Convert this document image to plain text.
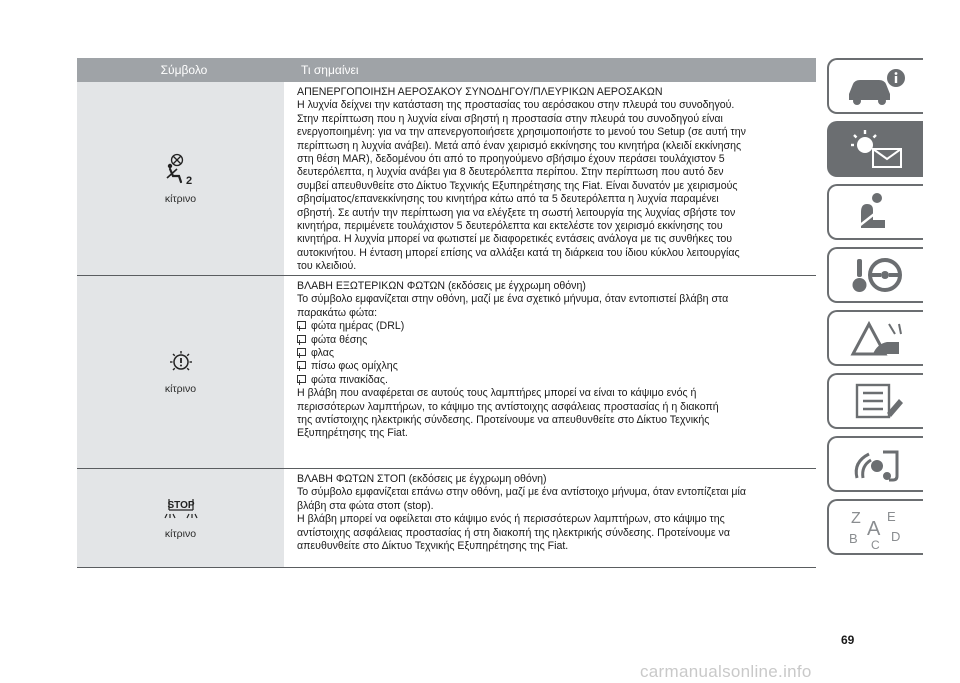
Σύμβολο	Τι σημαίνει
2
κίτρινο
ΑΠΕΝΕΡΓΟΠΟΙΗΣΗ ΑΕΡΟΣΑΚΟΥ ΣΥΝΟΔΗΓΟΥ/ΠΛΕΥΡΙΚΩΝ ΑΕΡΟΣΑΚΩΝ
Η λυχνία δείχνει την κατάσταση της προστασίας του αερόσακου στην πλευρά του συνοδηγού.
Στην περίπτωση που η λυχνία είναι σβηστή η προστασία στην πλευρά του συνοδηγού είναι
ενεργοποιημένη: για να την απενεργοποιήσετε χρησιμοποιήστε το μενού του Setup (σε αυτή την
περίπτωση η λυχνία ανάβει). Μετά από έναν χειρισμό εκκίνησης του κινητήρα (κλειδί εκκίνησης
στη θέση MAR), δεδομένου ότι από το προηγούμενο σβήσιμο έχουν περάσει τουλάχιστον 5
δευτερόλεπτα, η λυχνία ανάβει για 8 δευτερόλεπτα περίπου. Στην περίπτωση που αυτό δεν
συμβεί απευθυνθείτε στο Δίκτυο Τεχνικής Εξυπηρέτησης της Fiat. Είναι δυνατόν με χειρισμούς
σβησίματος/επανεκκίνησης του κινητήρα κάτω από τα 5 δευτερόλεπτα η λυχνία παραμένει
σβηστή. Σε αυτήν την περίπτωση για να ελέγξετε τη σωστή λειτουργία της λυχνίας σβήστε τον
κινητήρα, περιμένετε τουλάχιστον 5 δευτερόλεπτα και εκτελέστε τον χειρισμό εκκίνησης του
κινητήρα. Η λυχνία μπορεί να φωτιστεί με διαφορετικές εντάσεις ανάλογα με τις συνθήκες του
αυτοκινήτου. Η ένταση μπορεί επίσης να αλλάξει κατά τη διάρκεια του ίδιου κύκλου λειτουργίας
του κλειδιού.
κίτρινο
ΒΛΑΒΗ ΕΞΩΤΕΡΙΚΩΝ ΦΩΤΩΝ (εκδόσεις με έγχρωμη οθόνη)
Το σύμβολο εμφανίζεται στην οθόνη, μαζί με ένα σχετικό μήνυμα, όταν εντοπιστεί βλάβη στα
παρακάτω φώτα:
φώτα ημέρας (DRL)
φώτα θέσης
φλας
πίσω φως ομίχλης
φώτα πινακίδας.
Η βλάβη που αναφέρεται σε αυτούς τους λαμπτήρες μπορεί να είναι το κάψιμο ενός ή
περισσότερων λαμπτήρων, το κάψιμο της αντίστοιχης ασφάλειας προστασίας ή η διακοπή
της αντίστοιχης ηλεκτρικής σύνδεσης. Προτείνουμε να απευθυνθείτε στο Δίκτυο Τεχνικής
Εξυπηρέτησης της Fiat.
STOP
κίτρινο
ΒΛΑΒΗ ΦΩΤΩΝ ΣΤΟΠ (εκδόσεις με έγχρωμη οθόνη)
Το σύμβολο εμφανίζεται επάνω στην οθόνη, μαζί με ένα αντίστοιχο μήνυμα, όταν εντοπίζεται μία
βλάβη στα φώτα στοπ (stop).
Η βλάβη μπορεί να οφείλεται στο κάψιμο ενός ή περισσότερων λαμπτήρων, στο κάψιμο της
αντίστοιχης ασφάλειας προστασίας ή στη διακοπή της ηλεκτρικής σύνδεσης. Προτείνουμε να
απευθυνθείτε στο Δίκτυο Τεχνικής Εξυπηρέτησης της Fiat.
Z E
A
B	D
C
69
carmanualsonline.info
